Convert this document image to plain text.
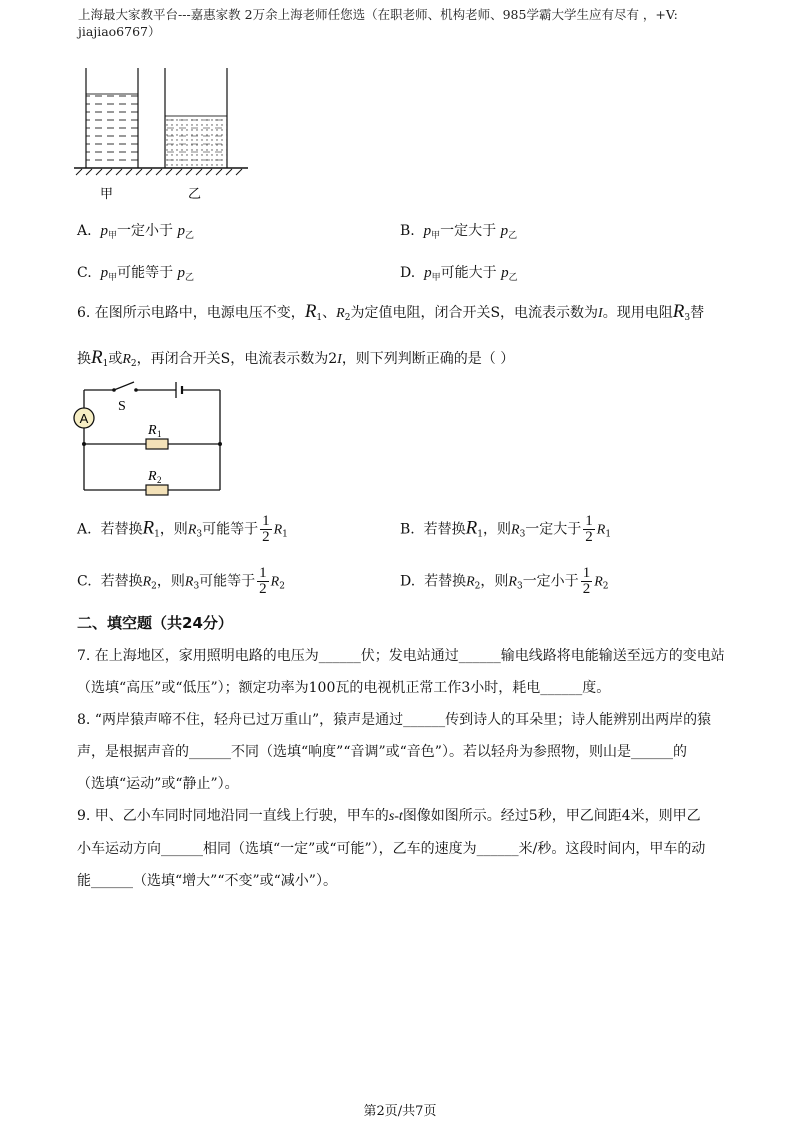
上海最大家教平台---嘉惠家教 2万余上海老师任您选（在职老师、机构老师、985学霸大学生应有尽有 ，+V:
jiajiao6767）
甲	乙
A. $p_甲$一定小于 $p_乙$	B. $p_甲$一定大于 $p_乙$
C. $p_甲$可能等于 $p_乙$	D. $p_甲$可能大于 $p_乙$
6. 在图所示电路中，电源电压不变，$R_1$、$R_2$为定值电阻，闭合开关S，电流表示数为I。现用电阻$R_3$替
换$R_1$或$R_2$，再闭合开关S，电流表示数为2I，则下列判断正确的是（ ）
A
S
R 1
R 2
A. 若替换$R_1$，则$R_3$可能等于 $\frac{1}{2} R_1$	B. 若替换$R_1$，则$R_3$一定大于 $\frac{1}{2} R_1$
C. 若替换$R_2$，则$R_3$可能等于 $\frac{1}{2} R_2$	D. 若替换$R_2$，则$R_3$一定小于 $\frac{1}{2} R_2$
二、填空题（共24分）
7. 在上海地区，家用照明电路的电压为______伏；发电站通过______输电线路将电能输送至远方的变电站
（选填“高压”或“低压”）；额定功率为100瓦的电视机正常工作3小时，耗电______度。
8. “两岸猿声啼不住，轻舟已过万重山”，猿声是通过______传到诗人的耳朵里；诗人能辨别出两岸的猿
声，是根据声音的______不同（选填“响度”“音调”或“音色”）。若以轻舟为参照物，则山是______的
（选填“运动”或“静止”）。
9. 甲、乙小车同时同地沿同一直线上行驶，甲车的s-t图像如图所示。经过5秒，甲乙间距4米，则甲乙
小车运动方向______相同（选填“一定”或“可能”），乙车的速度为______米/秒。这段时间内，甲车的动
能______（选填“增大”“不变”或“减小”）。
第2页/共7页
